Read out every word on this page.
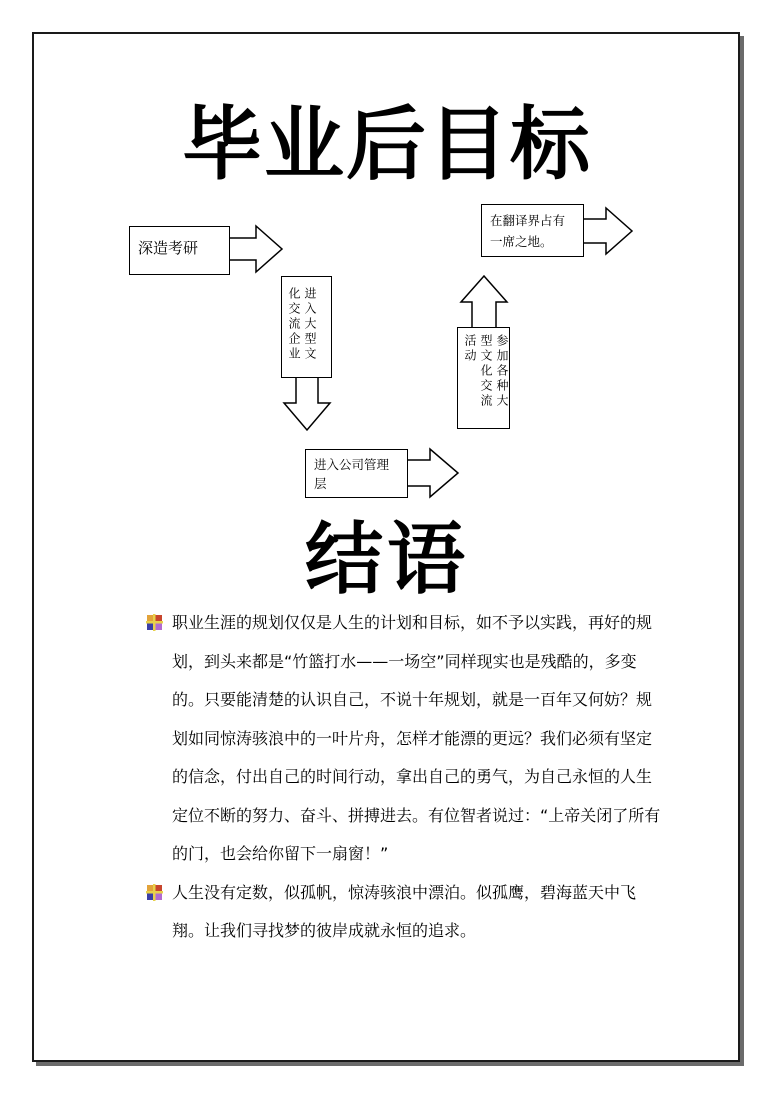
毕业后目标
深造考研
进入大型文化交流企业
进入公司管理层
参加各种大型文化交流活动
在翻译界占有一席之地。
结语
职业生涯的规划仅仅是人生的计划和目标，如不予以实践，再好的规划，到头来都是“竹篮打水——一场空”同样现实也是残酷的，多变的。只要能清楚的认识自己，不说十年规划，就是一百年又何妨？规划如同惊涛骇浪中的一叶片舟，怎样才能漂的更远？我们必须有坚定的信念，付出自己的时间行动，拿出自己的勇气，为自己永恒的人生定位不断的努力、奋斗、拼搏进去。有位智者说过：“上帝关闭了所有的门，也会给你留下一扇窗！”
人生没有定数，似孤帆，惊涛骇浪中漂泊。似孤鹰，碧海蓝天中飞翔。让我们寻找梦的彼岸成就永恒的追求。
